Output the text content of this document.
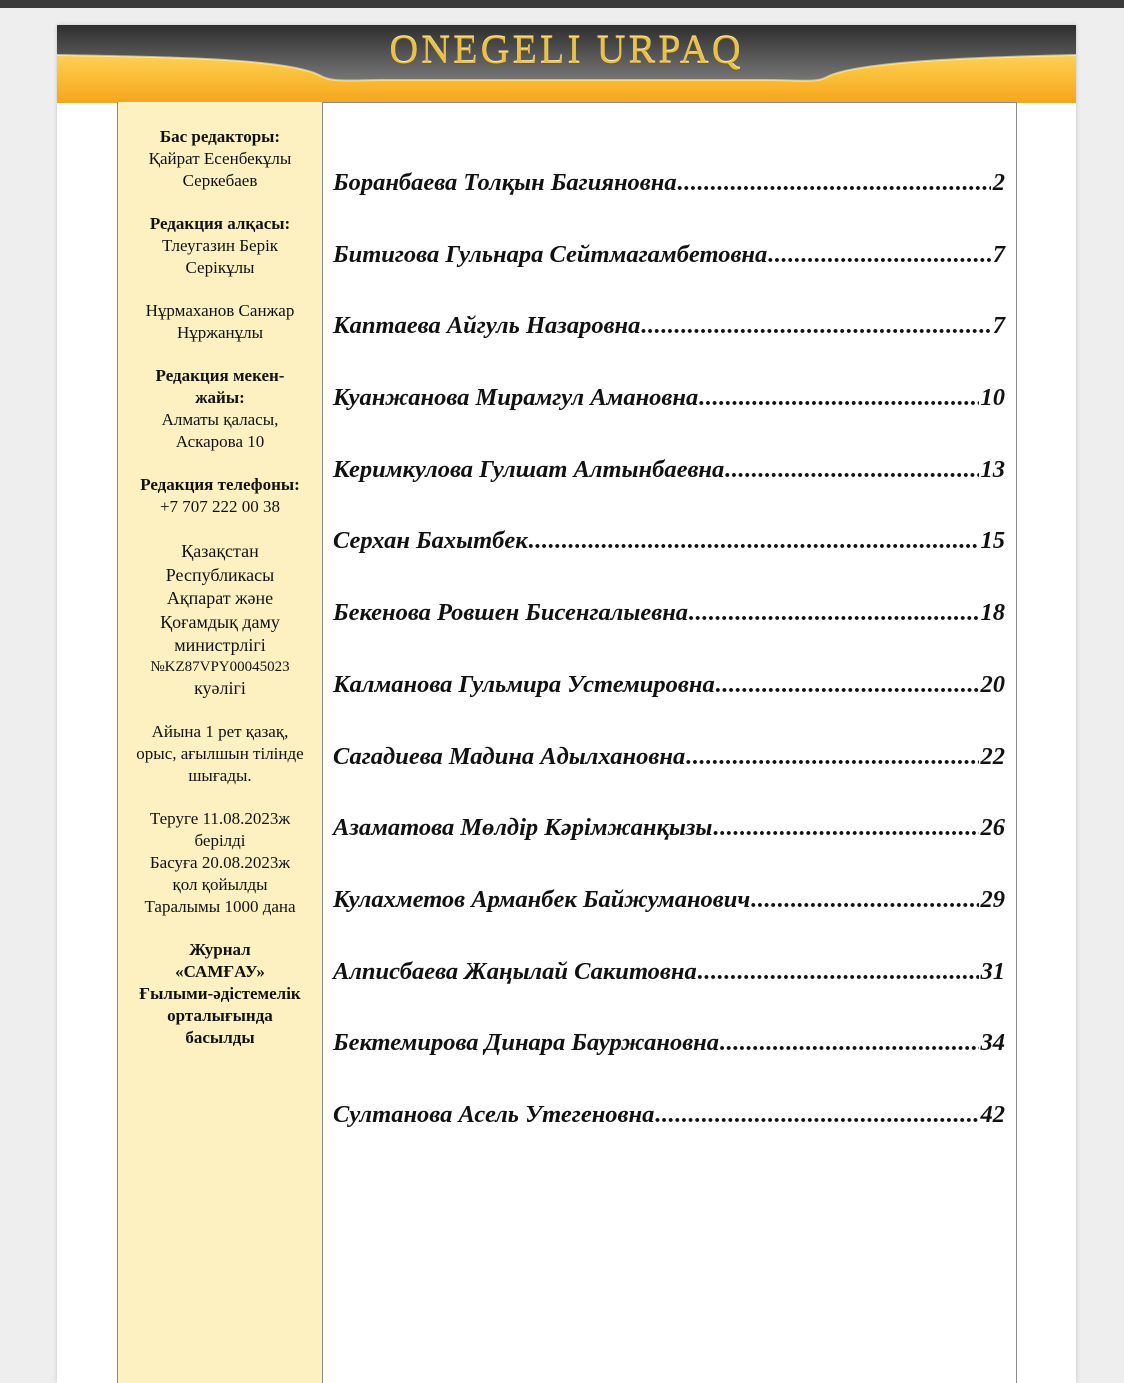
ONEGELI URPAQ
Бас редакторы:
Қайрат Есенбекұлы
Серкебаев
Редакция алқасы:
Тлеугазин Берік
Серікұлы
Нұрмаханов Санжар
Нұржанұлы
Редакция мекен-
жайы:
Алматы қаласы,
Аскарова 10
Редакция телефоны:
+7 707 222 00 38
Қазақстан
Республикасы
Ақпарат және
Қоғамдық даму
министрлігі
№KZ87VPY00045023
куәлігі
Айына 1 рет қазақ,
орыс, ағылшын тілінде
шығады.
Теруге 11.08.2023ж
берілді
Басуға 20.08.2023ж
қол қойылды
Таралымы 1000 дана
Журнал
«САМҒАУ»
Ғылыми-әдістемелік
орталығында
басылды
Боранбаева Толқын Багияновна .....	2
Битигова Гульнара Сейтмагамбетовна .....	7
Каптаева Айгуль Назаровна .....	7
Куанжанова Мирамгул Амановна .....	10
Керимкулова Гулшат Алтынбаевна .....	13
Серхан Бахытбек .....	15
Бекенова Ровшен Бисенгалыевна .....	18
Калманова Гульмира Устемировна .....	20
Сагадиева Мадина Адылхановна .....	22
Азаматова Мөлдір Кәрімжанқызы .....	26
Кулахметов Арманбек Байжуманович .....	29
Алписбаева Жаңылай Сакитовна .....	31
Бектемирова Динара Бауржановна .....	34
Султанова Асель Утегеновна .....	42
